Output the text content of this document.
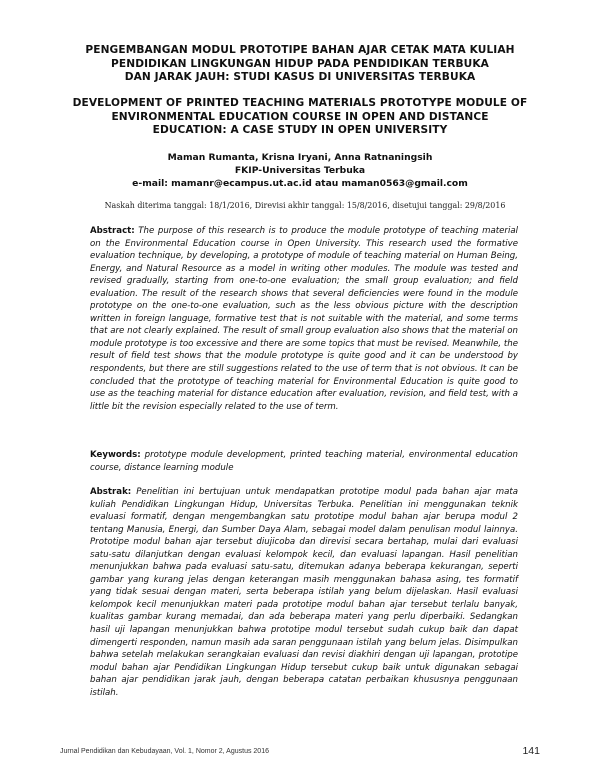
PENGEMBANGAN MODUL PROTOTIPE BAHAN AJAR CETAK MATA KULIAH
PENDIDIKAN LINGKUNGAN HIDUP PADA PENDIDIKAN TERBUKA
DAN JARAK JAUH: STUDI KASUS DI UNIVERSITAS TERBUKA
DEVELOPMENT OF PRINTED TEACHING MATERIALS PROTOTYPE MODULE OF
ENVIRONMENTAL EDUCATION COURSE IN OPEN AND DISTANCE
EDUCATION: A CASE STUDY IN OPEN UNIVERSITY
Maman Rumanta, Krisna Iryani, Anna Ratnaningsih
FKIP-Universitas Terbuka
e-mail: mamanr@ecampus.ut.ac.id atau maman0563@gmail.com
Naskah diterima tanggal: 18/1/2016, Direvisi akhir tanggal: 15/8/2016, disetujui tanggal: 29/8/2016
Abstract: The purpose of this research is to produce the module prototype of teaching material on the Environmental Education course in Open University. This research used the formative evaluation technique, by developing, a prototype of module of teaching material on Human Being, Energy, and Natural Resource as a model in writing other modules. The module was tested and revised gradually, starting from one-to-one evaluation; the small group evaluation; and field evaluation. The result of the research shows that several deficiencies were found in the module prototype on the one-to-one evaluation, such as the less obvious picture with the description written in foreign language, formative test that is not suitable with the material, and some terms that are not clearly explained. The result of small group evaluation also shows that the material on module prototype is too excessive and there are some topics that must be revised. Meanwhile, the result of field test shows that the module prototype is quite good and it can be understood by respondents, but there are still suggestions related to the use of term that is not obvious. It can be concluded that the prototype of teaching material for Environmental Education is quite good to use as the teaching material for distance education after evaluation, revision, and field test, with a little bit the revision especially related to the use of term.
Keywords: prototype module development, printed teaching material, environmental education course, distance learning module
Abstrak: Penelitian ini bertujuan untuk mendapatkan prototipe modul pada bahan ajar mata kuliah Pendidikan Lingkungan Hidup, Universitas Terbuka. Penelitian ini menggunakan teknik evaluasi formatif, dengan mengembangkan satu prototipe modul bahan ajar berupa modul 2 tentang Manusia, Energi, dan Sumber Daya Alam, sebagai model dalam penulisan modul lainnya. Prototipe modul bahan ajar tersebut diujicoba dan direvisi secara bertahap, mulai dari evaluasi satu-satu dilanjutkan dengan evaluasi kelompok kecil, dan evaluasi lapangan. Hasil penelitian menunjukkan bahwa pada evaluasi satu-satu, ditemukan adanya beberapa kekurangan, seperti gambar yang kurang jelas dengan keterangan masih menggunakan bahasa asing, tes formatif yang tidak sesuai dengan materi, serta beberapa istilah yang belum dijelaskan. Hasil evaluasi kelompok kecil menunjukkan materi pada prototipe modul bahan ajar tersebut terlalu banyak, kualitas gambar kurang memadai, dan ada beberapa materi yang perlu diperbaiki. Sedangkan hasil uji lapangan menunjukkan bahwa prototipe modul tersebut sudah cukup baik dan dapat dimengerti responden, namun masih ada saran penggunaan istilah yang belum jelas. Disimpulkan bahwa setelah melakukan serangkaian evaluasi dan revisi diakhiri dengan uji lapangan, prototipe modul bahan ajar Pendidikan Lingkungan Hidup tersebut cukup baik untuk digunakan sebagai bahan ajar pendidikan jarak jauh, dengan beberapa catatan perbaikan khususnya penggunaan istilah.
Jurnal Pendidikan dan Kebudayaan, Vol. 1, Nomor 2, Agustus 2016	141
